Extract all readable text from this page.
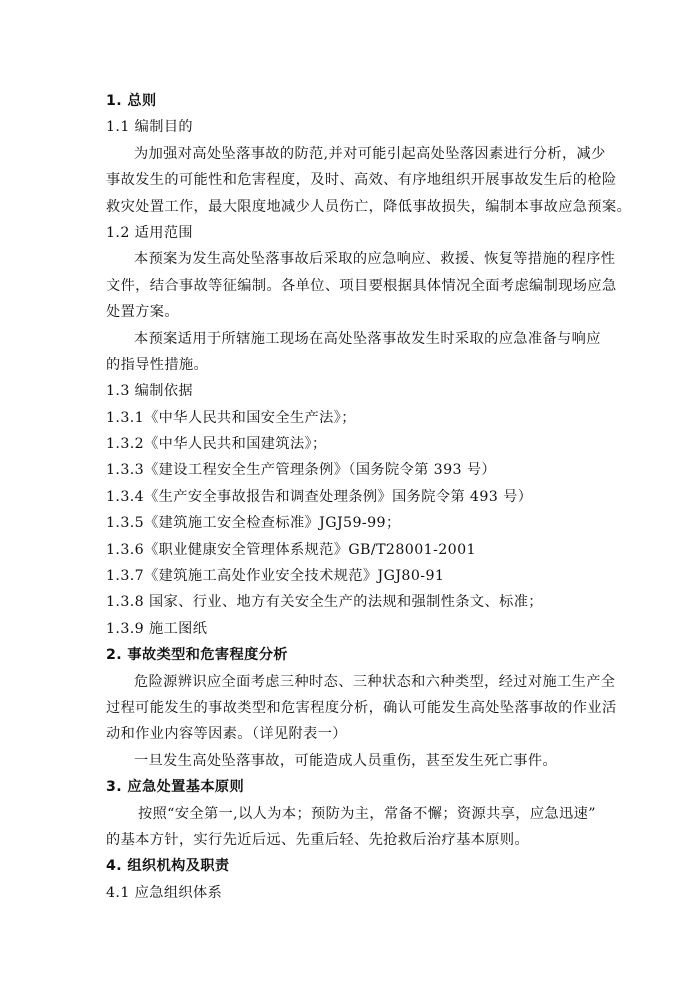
1. 总则
1.1 编制目的
为加强对高处坠落事故的防范,并对可能引起高处坠落因素进行分析，减少
事故发生的可能性和危害程度，及时、高效、有序地组织开展事故发生后的枪险
救灾处置工作，最大限度地减少人员伤亡，降低事故损失，编制本事故应急预案。
1.2 适用范围
本预案为发生高处坠落事故后采取的应急响应、救援、恢复等措施的程序性
文件，结合事故等征编制。各单位、项目要根据具体情况全面考虑编制现场应急
处置方案。
本预案适用于所辖施工现场在高处坠落事故发生时采取的应急准备与响应
的指导性措施。
1.3 编制依据
1.3.1《中华人民共和国安全生产法》；
1.3.2《中华人民共和国建筑法》；
1.3.3《建设工程安全生产管理条例》（国务院令第 393 号）
1.3.4《生产安全事故报告和调查处理条例》国务院令第 493 号）
1.3.5《建筑施工安全检查标准》JGJ59-99；
1.3.6《职业健康安全管理体系规范》GB/T28001-2001
1.3.7《建筑施工高处作业安全技术规范》JGJ80-91
1.3.8 国家、行业、地方有关安全生产的法规和强制性条文、标准；
1.3.9 施工图纸
2. 事故类型和危害程度分析
危险源辨识应全面考虑三种时态、三种状态和六种类型，经过对施工生产全
过程可能发生的事故类型和危害程度分析，确认可能发生高处坠落事故的作业活
动和作业内容等因素。（详见附表一）
一旦发生高处坠落事故，可能造成人员重伤，甚至发生死亡事件。
3. 应急处置基本原则
按照“安全第一,以人为本；预防为主，常备不懈；资源共享，应急迅速”
的基本方针，实行先近后远、先重后轻、先抢救后治疗基本原则。
4. 组织机构及职责
4.1 应急组织体系
